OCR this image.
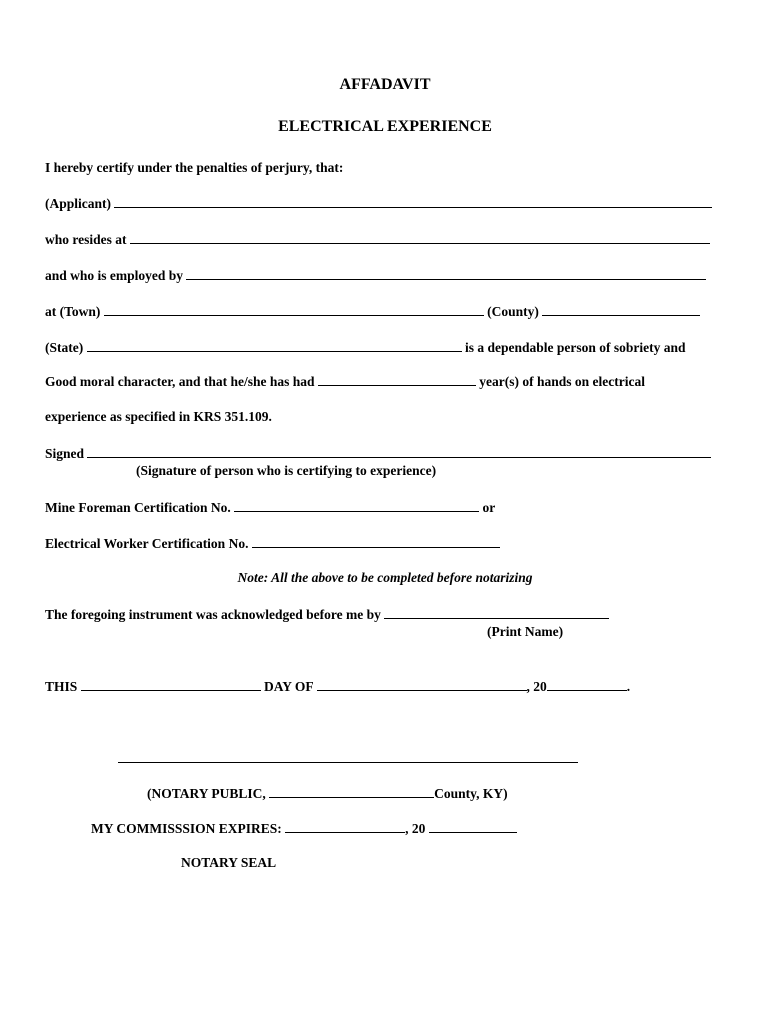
AFFADAVIT
ELECTRICAL EXPERIENCE
I hereby certify under the penalties of perjury, that:
(Applicant)
who resides at
and who is employed by
at (Town)	(County)
(State)	is a dependable person of sobriety and
Good moral character, and that he/she has had	year(s) of hands on electrical
experience as specified in KRS 351.109.
Signed
(Signature of person who is certifying to experience)
Mine Foreman Certification No.	or
Electrical Worker Certification No.
Note: All the above to be completed before notarizing
The foregoing instrument was acknowledged before me by
(Print Name)
THIS	DAY OF	, 20	.
(NOTARY PUBLIC,	County, KY)
MY COMMISSSION EXPIRES:	, 20
NOTARY SEAL
